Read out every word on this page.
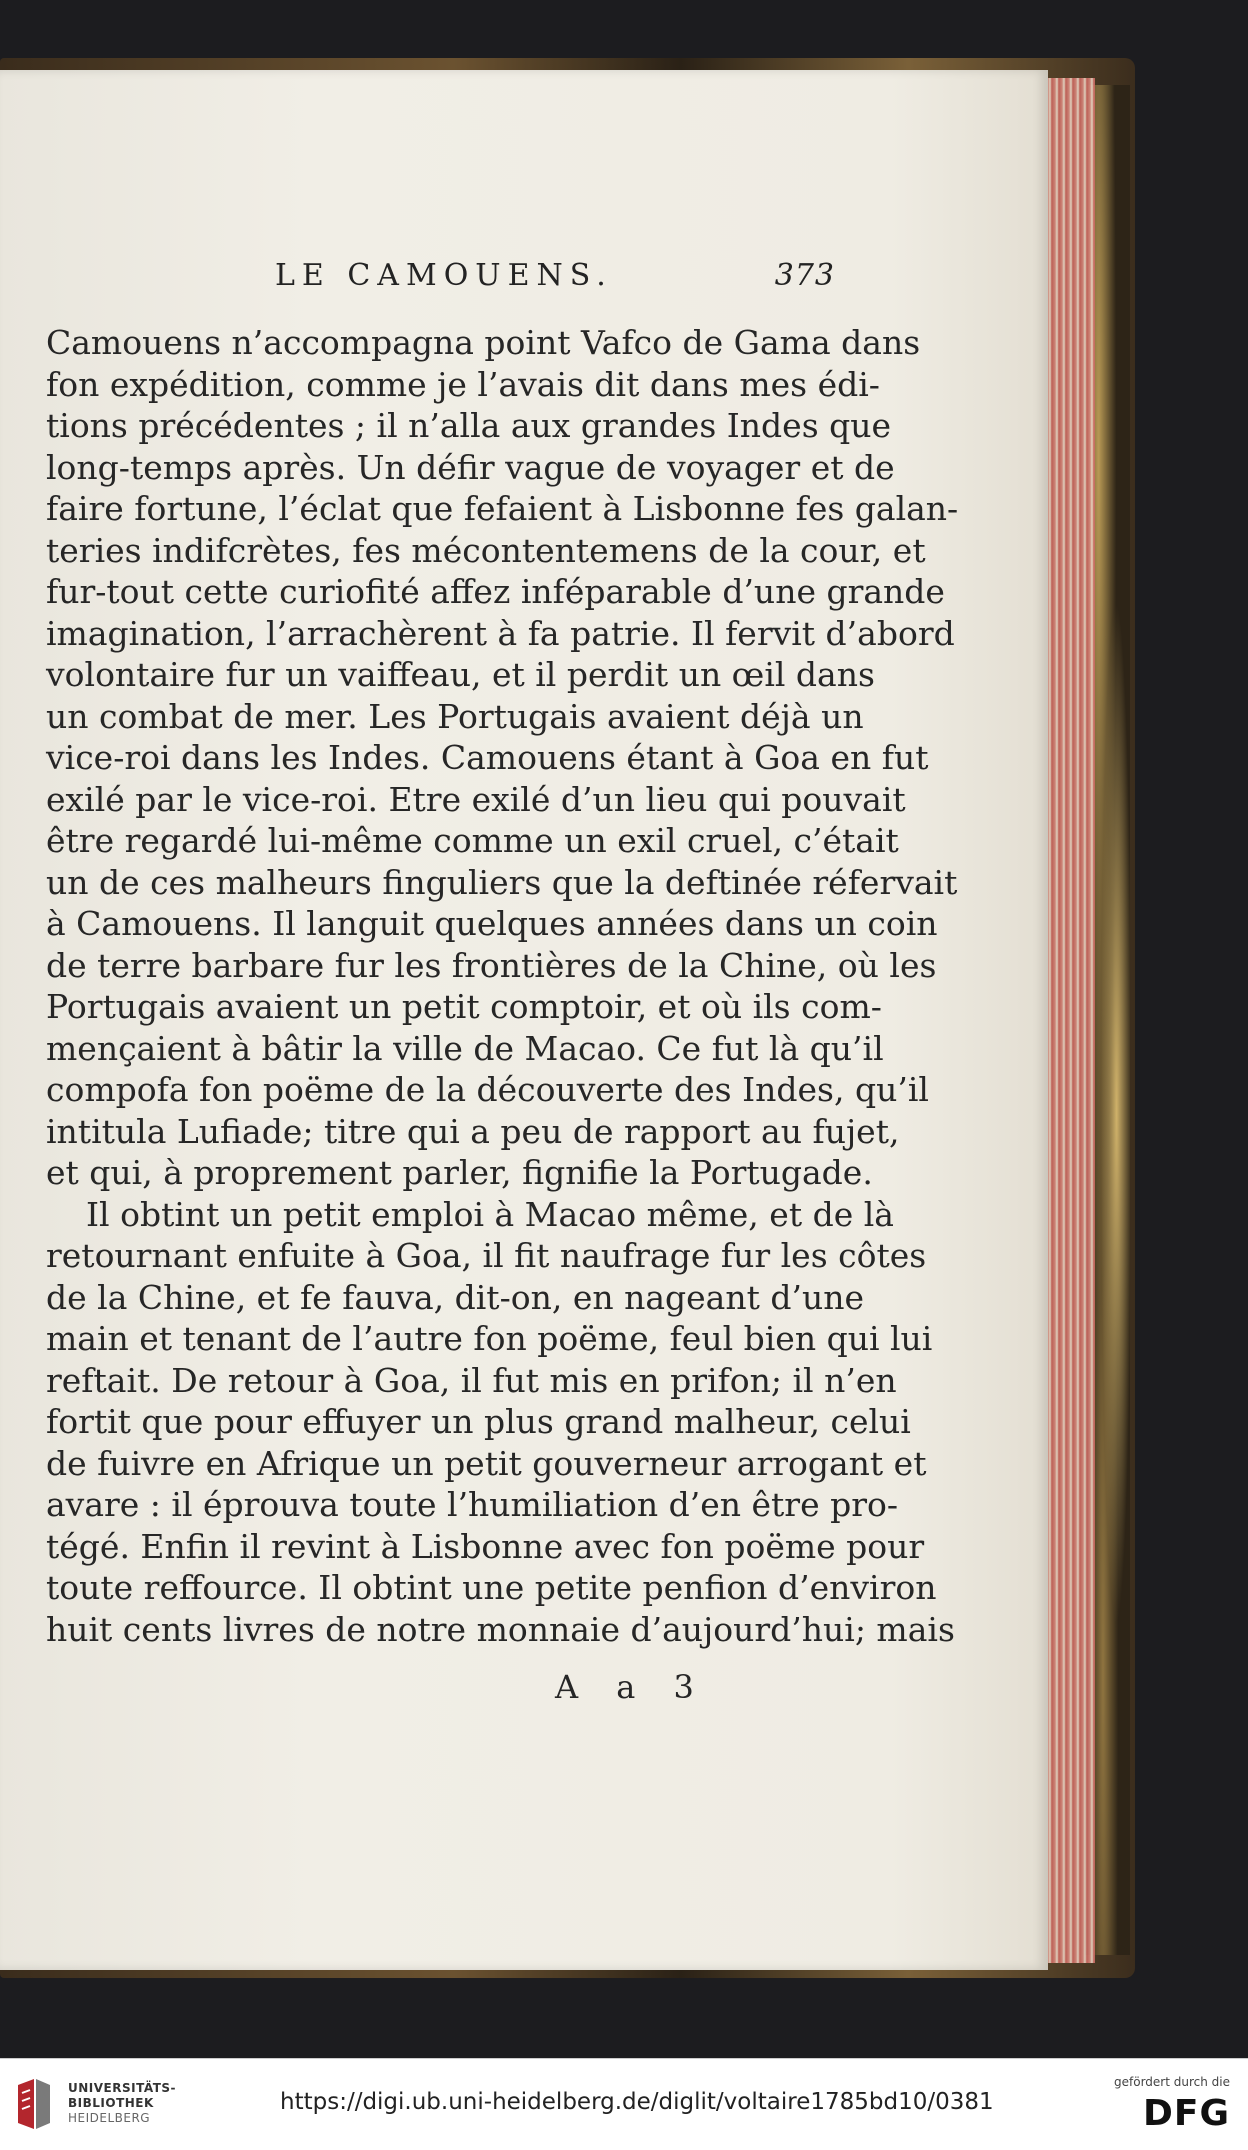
LE CAMOUENS.	373
Camouens n’accompagna point Vafco de Gama dans
fon expédition, comme je l’avais dit dans mes édi-
tions précédentes ; il n’alla aux grandes Indes que
long-temps après. Un défir vague de voyager et de
faire fortune, l’éclat que fefaient à Lisbonne fes galan-
teries indifcrètes, fes mécontentemens de la cour, et
fur-tout cette curiofité affez inféparable d’une grande
imagination, l’arrachèrent à fa patrie. Il fervit d’abord
volontaire fur un vaiffeau, et il perdit un œil dans
un combat de mer. Les Portugais avaient déjà un
vice-roi dans les Indes. Camouens étant à Goa en fut
exilé par le vice-roi. Etre exilé d’un lieu qui pouvait
être regardé lui-même comme un exil cruel, c’était
un de ces malheurs finguliers que la deftinée réfervait
à Camouens. Il languit quelques années dans un coin
de terre barbare fur les frontières de la Chine, où les
Portugais avaient un petit comptoir, et où ils com-
mençaient à bâtir la ville de Macao. Ce fut là qu’il
compofa fon poëme de la découverte des Indes, qu’il
intitula Lufiade; titre qui a peu de rapport au fujet,
et qui, à proprement parler, fignifie la Portugade.
Il obtint un petit emploi à Macao même, et de là
retournant enfuite à Goa, il fit naufrage fur les côtes
de la Chine, et fe fauva, dit-on, en nageant d’une
main et tenant de l’autre fon poëme, feul bien qui lui
reftait. De retour à Goa, il fut mis en prifon; il n’en
fortit que pour effuyer un plus grand malheur, celui
de fuivre en Afrique un petit gouverneur arrogant et
avare : il éprouva toute l’humiliation d’en être pro-
tégé. Enfin il revint à Lisbonne avec fon poëme pour
toute reffource. Il obtint une petite penfion d’environ
huit cents livres de notre monnaie d’aujourd’hui; mais
A a 3
UNIVERSITÄTS-
BIBLIOTHEK
HEIDELBERG
https://digi.ub.uni-heidelberg.de/diglit/voltaire1785bd10/0381
gefördert durch die
DFG
